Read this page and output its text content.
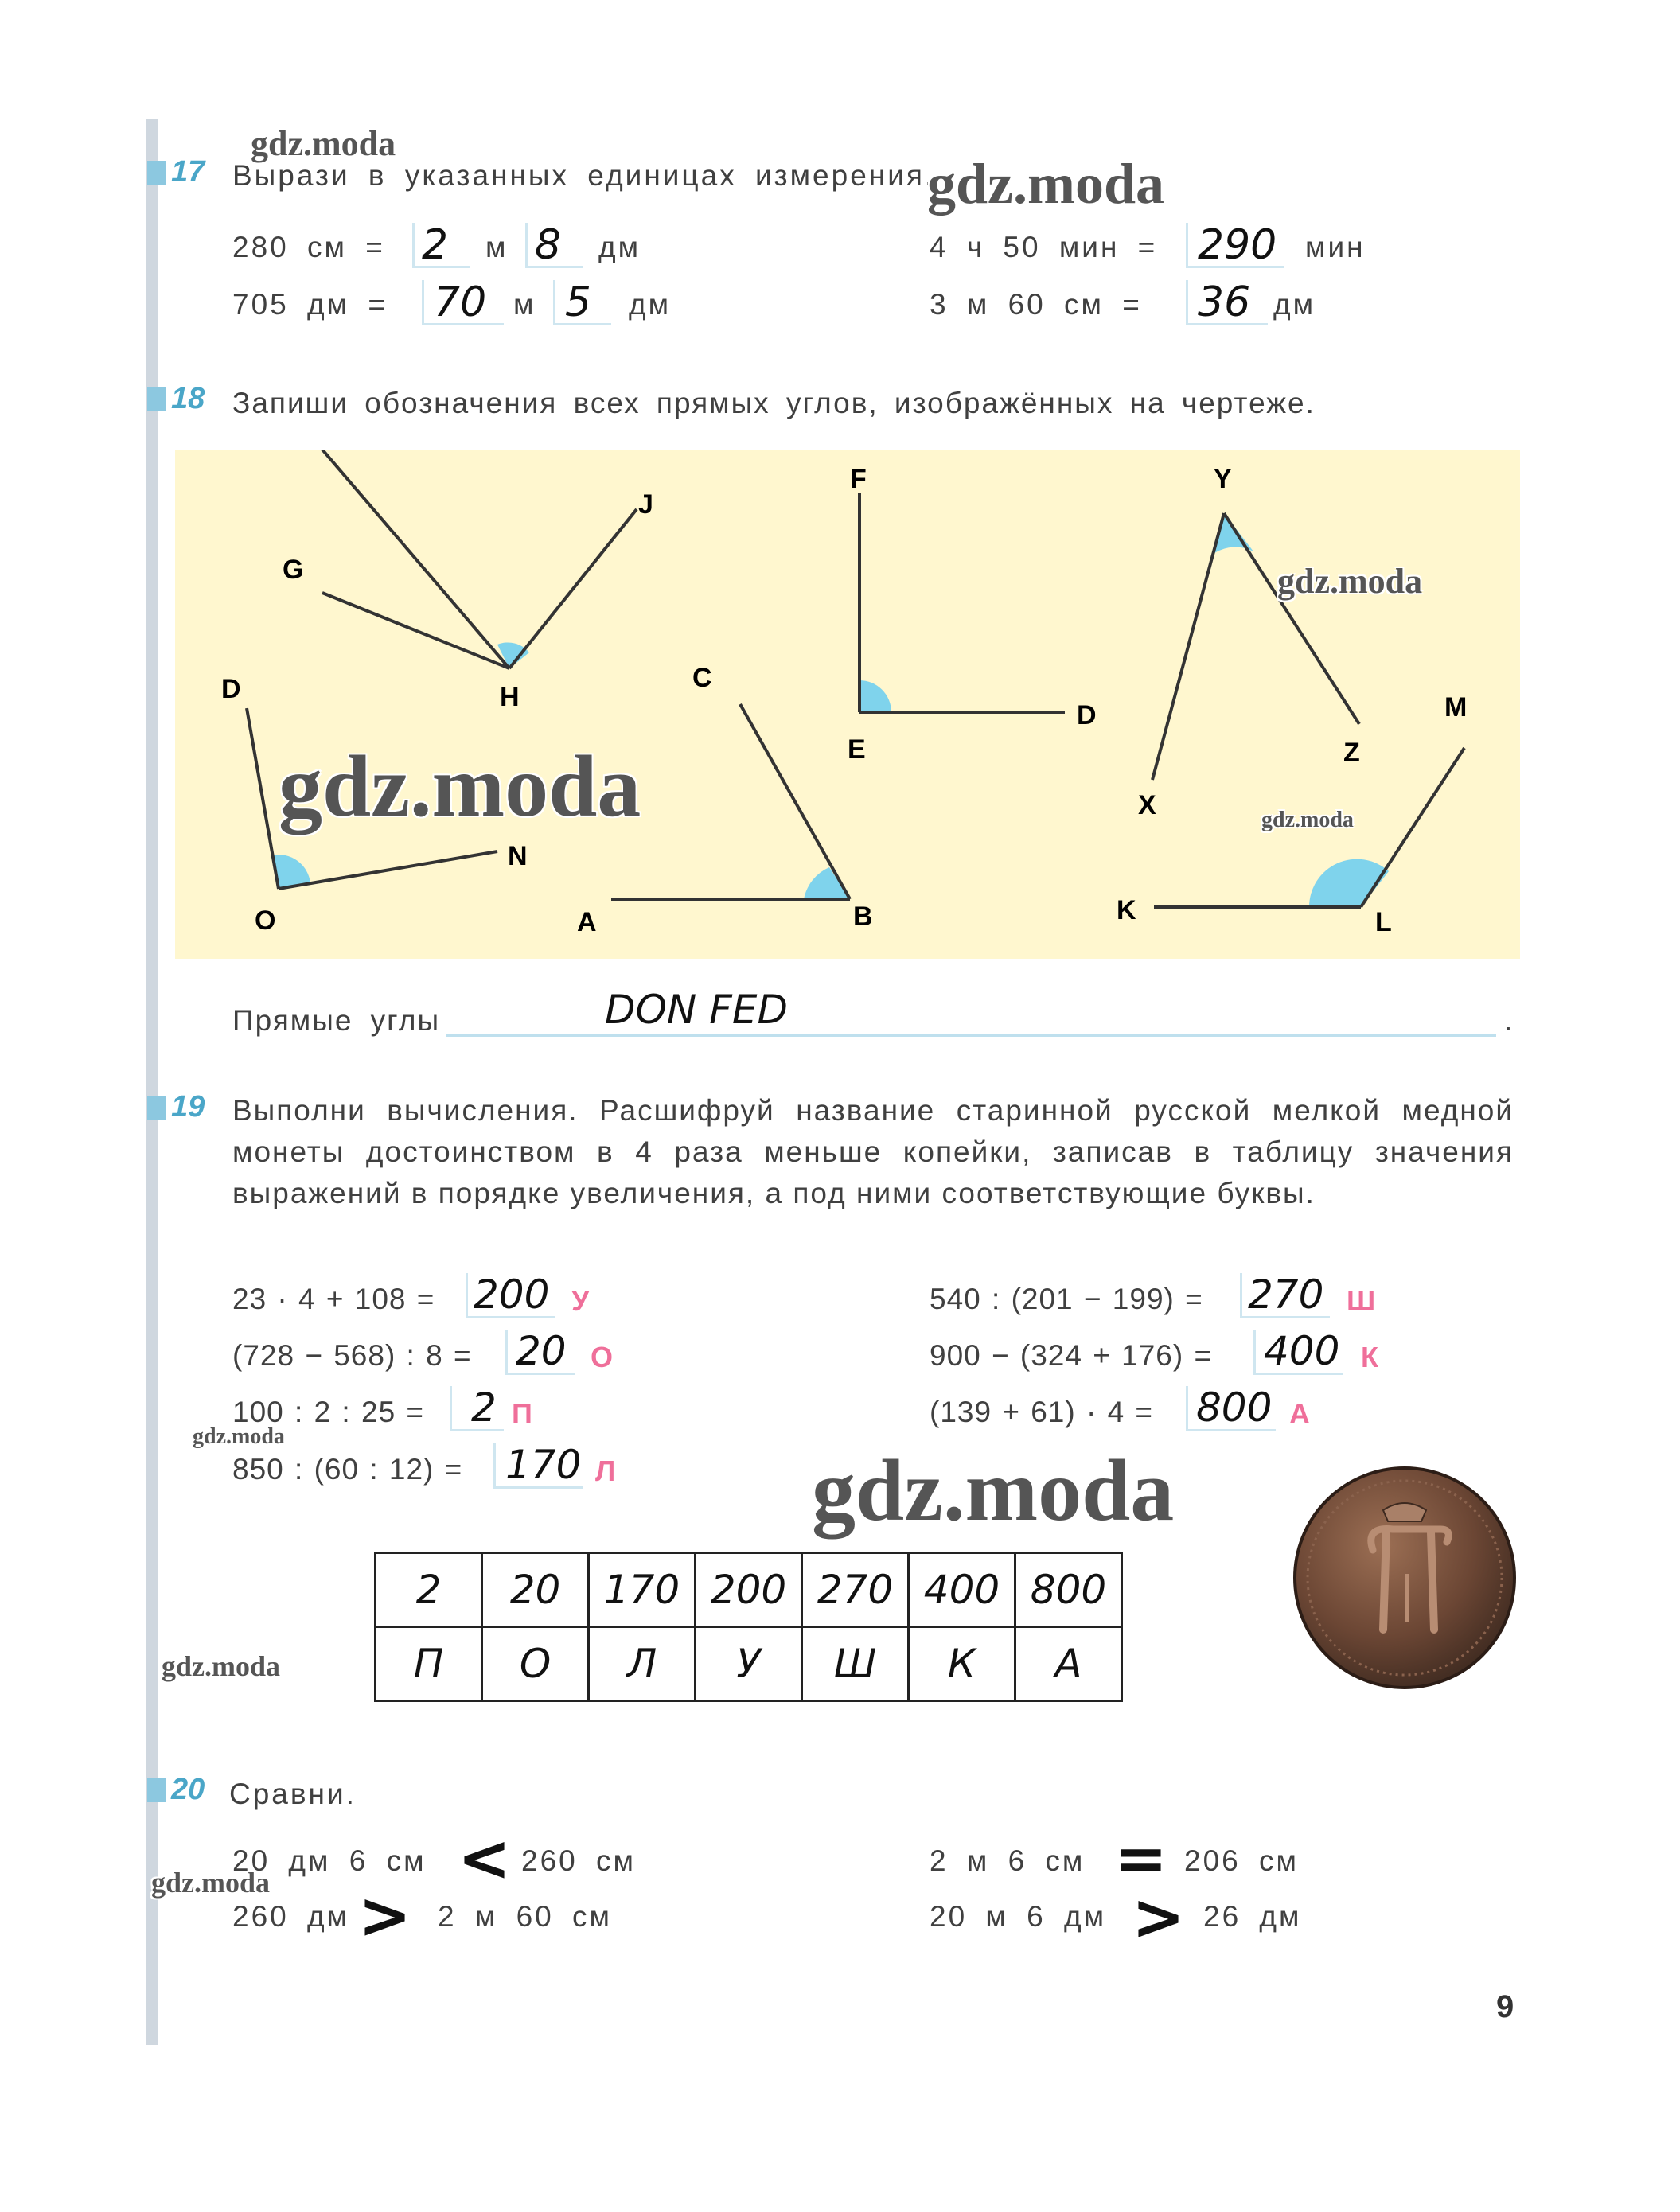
17 Вырази в указанных единицах измерения.
280 см = 2 м 8 дм
705 дм = 70 м 5 дм
4 ч 50 мин = 290 мин
3 м 60 см = 36 дм
18 Запиши обозначения всех прямых углов, изображённых на чертеже.
G
H
J
F
E
D
Y
X
Z
D
O
N
C
A	B
M
K	L
Прямые углы	DON FED	.
19 Выполни вычисления. Расшифруй название старинной русской мелкой медной монеты достоинством в 4 раза меньше копейки, записав в таблицу значения выражений в порядке увеличения, а под ними соответствующие буквы.
23 · 4 + 108 = 200 У
(728 − 568) : 8 = 20 О
100 : 2 : 25 = 2 П
850 : (60 : 12) = 170 Л
540 : (201 − 199) = 270 Ш
900 − (324 + 176) = 400 К
(139 + 61) · 4 = 800 А
2	20	170	200	270	400	800
П	О	Л	У	Ш	К	А
20 Сравни.
20 дм 6 см < 260 см
260 дм > 2 м 60 см
2 м 6 см = 206 см
20 м 6 дм > 26 дм
9
gdz.moda
gdz.moda
gdz.moda
gdz.moda	gdz.moda
gdz.moda
gdz.moda
gdz.moda
gdz.moda
